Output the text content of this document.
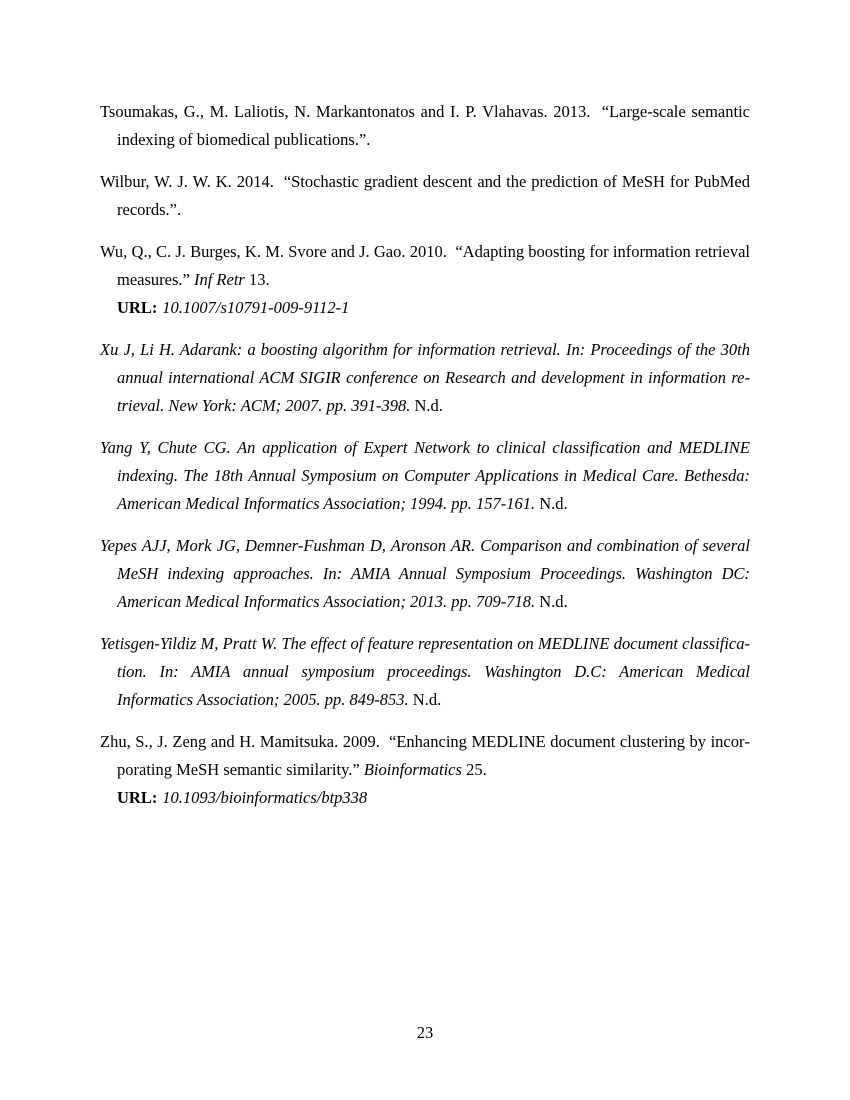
Tsoumakas, G., M. Laliotis, N. Markantonatos and I. P. Vlahavas. 2013.  “Large-scale semantic indexing of biomedical publications.”.

Wilbur, W. J. W. K. 2014.  “Stochastic gradient descent and the prediction of MeSH for PubMed records.”.

Wu, Q., C. J. Burges, K. M. Svore and J. Gao. 2010.  “Adapting boosting for information retrieval measures.” Inf Retr 13.

URL: 10.1007/s10791-009-9112-1

Xu J, Li H. Adarank: a boosting algorithm for information retrieval. In: Proceedings of the 30th annual international ACM SIGIR conference on Research and development in information retrieval. New York: ACM; 2007. pp. 391-398. N.d.

Yang Y, Chute CG. An application of Expert Network to clinical classification and MEDLINE indexing. The 18th Annual Symposium on Computer Applications in Medical Care. Bethesda: American Medical Informatics Association; 1994. pp. 157-161. N.d.

Yepes AJJ, Mork JG, Demner-Fushman D, Aronson AR. Comparison and combination of several MeSH indexing approaches. In: AMIA Annual Symposium Proceedings. Washington DC: American Medical Informatics Association; 2013. pp. 709-718. N.d.

Yetisgen-Yildiz M, Pratt W. The effect of feature representation on MEDLINE document classification. In: AMIA annual symposium proceedings. Washington D.C: American Medical Informatics Association; 2005. pp. 849-853. N.d.

Zhu, S., J. Zeng and H. Mamitsuka. 2009.  “Enhancing MEDLINE document clustering by incorporating MeSH semantic similarity.” Bioinformatics 25.

URL: 10.1093/bioinformatics/btp338

23
